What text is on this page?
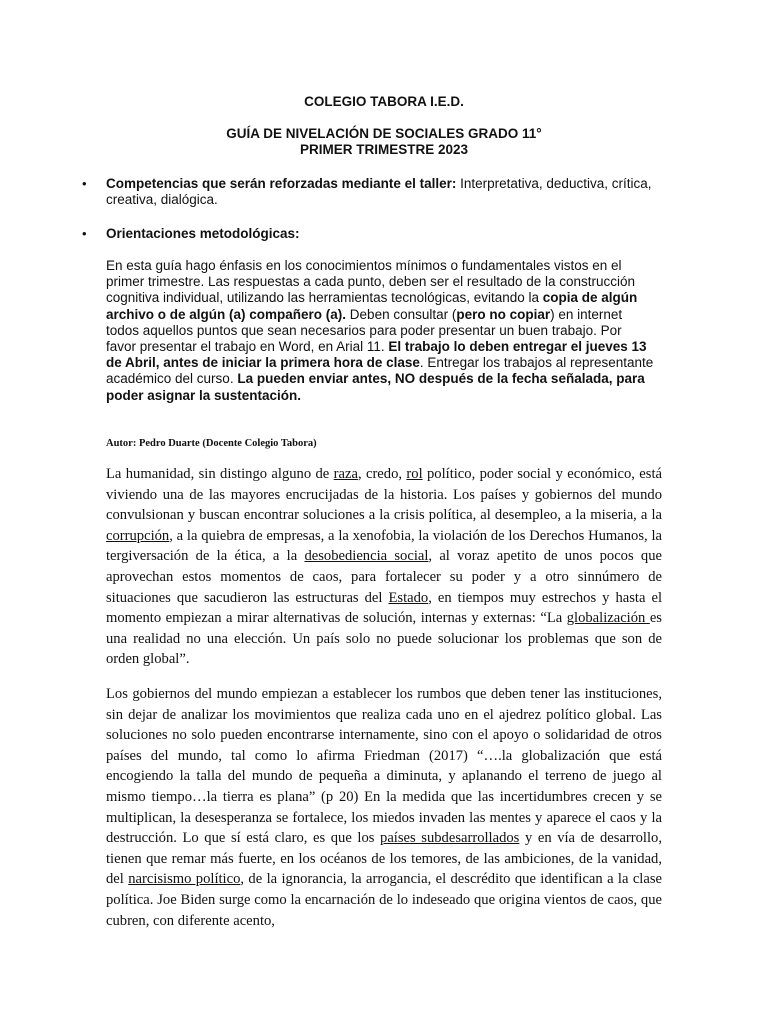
COLEGIO TABORA I.E.D.
GUÍA DE NIVELACIÓN DE SOCIALES GRADO 11°
PRIMER TRIMESTRE 2023
• Competencias que serán reforzadas mediante el taller: Interpretativa, deductiva, crítica, creativa, dialógica.
• Orientaciones metodológicas:

En esta guía hago énfasis en los conocimientos mínimos o fundamentales vistos en el primer trimestre. Las respuestas a cada punto, deben ser el resultado de la construcción cognitiva individual, utilizando las herramientas tecnológicas, evitando la copia de algún archivo o de algún (a) compañero (a). Deben consultar (pero no copiar) en internet todos aquellos puntos que sean necesarios para poder presentar un buen trabajo. Por favor presentar el trabajo en Word, en Arial 11. El trabajo lo deben entregar el jueves 13 de Abril, antes de iniciar la primera hora de clase. Entregar los trabajos al representante académico del curso. La pueden enviar antes, NO después de la fecha señalada, para poder asignar la sustentación.

Autor: Pedro Duarte (Docente Colegio Tabora)

La humanidad, sin distingo alguno de raza, credo, rol político, poder social y económico, está viviendo una de las mayores encrucijadas de la historia. Los países y gobiernos del mundo convulsionan y buscan encontrar soluciones a la crisis política, al desempleo, a la miseria, a la corrupción, a la quiebra de empresas, a la xenofobia, la violación de los Derechos Humanos, la tergiversación de la ética, a la desobediencia social, al voraz apetito de unos pocos que aprovechan estos momentos de caos, para fortalecer su poder y a otro sinnúmero de situaciones que sacudieron las estructuras del Estado, en tiempos muy estrechos y hasta el momento empiezan a mirar alternativas de solución, internas y externas: “La globalización es una realidad no una elección. Un país solo no puede solucionar los problemas que son de orden global”.

Los gobiernos del mundo empiezan a establecer los rumbos que deben tener las instituciones, sin dejar de analizar los movimientos que realiza cada uno en el ajedrez político global. Las soluciones no solo pueden encontrarse internamente, sino con el apoyo o solidaridad de otros países del mundo, tal como lo afirma Friedman (2017) “….la globalización que está encogiendo la talla del mundo de pequeña a diminuta, y aplanando el terreno de juego al mismo tiempo…la tierra es plana” (p 20) En la medida que las incertidumbres crecen y se multiplican, la desesperanza se fortalece, los miedos invaden las mentes y aparece el caos y la destrucción. Lo que sí está claro, es que los países subdesarrollados y en vía de desarrollo, tienen que remar más fuerte, en los océanos de los temores, de las ambiciones, de la vanidad, del narcisismo político, de la ignorancia, la arrogancia, el descrédito que identifican a la clase política. Joe Biden surge como la encarnación de lo indeseado que origina vientos de caos, que cubren, con diferente acento,
